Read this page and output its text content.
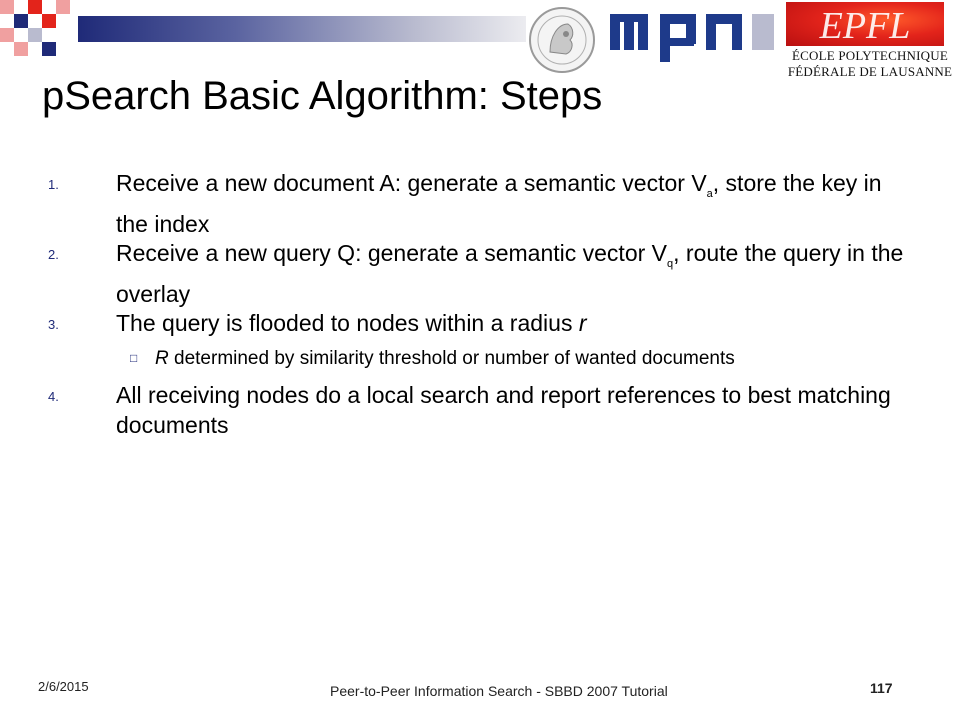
EPFL
ÉCOLE POLYTECHNIQUE
FÉDÉRALE DE LAUSANNE
pSearch Basic Algorithm: Steps
1. Receive a new document A: generate a semantic vector $V_a$, store the key in the index
2. Receive a new query Q: generate a semantic vector $V_q$, route the query in the overlay
3. The query is flooded to nodes within a radius r
□ R determined by similarity threshold or number of wanted documents
4. All receiving nodes do a local search and report references to best matching documents
2/6/2015	Peer-to-Peer Information Search - SBBD 2007 Tutorial	117
